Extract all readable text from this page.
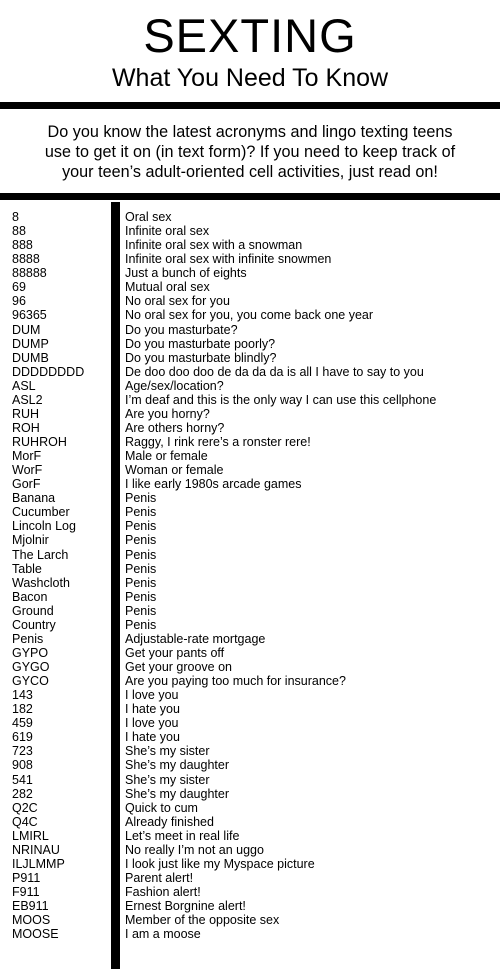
SEXTING
What You Need To Know
Do you know the latest acronyms and lingo texting teens
use to get it on (in text form)? If you need to keep track of
your teen’s adult-oriented cell activities, just read on!
8	Oral sex
88	Infinite oral sex
888	Infinite oral sex with a snowman
8888	Infinite oral sex with infinite snowmen
88888	Just a bunch of eights
69	Mutual oral sex
96	No oral sex for you
96365	No oral sex for you, you come back one year
DUM	Do you masturbate?
DUMP	Do you masturbate poorly?
DUMB	Do you masturbate blindly?
DDDDDDDD	De doo doo doo de da da da is all I have to say to you
ASL	Age/sex/location?
ASL2	I’m deaf and this is the only way I can use this cellphone
RUH	Are you horny?
ROH	Are others horny?
RUHROH	Raggy, I rink rere’s a ronster rere!
MorF	Male or female
WorF	Woman or female
GorF	I like early 1980s arcade games
Banana	Penis
Cucumber	Penis
Lincoln Log	Penis
Mjolnir	Penis
The Larch	Penis
Table	Penis
Washcloth	Penis
Bacon	Penis
Ground	Penis
Country	Penis
Penis	Adjustable-rate mortgage
GYPO	Get your pants off
GYGO	Get your groove on
GYCO	Are you paying too much for insurance?
143	I love you
182	I hate you
459	I love you
619	I hate you
723	She’s my sister
908	She’s my daughter
541	She’s my sister
282	She’s my daughter
Q2C	Quick to cum
Q4C	Already finished
LMIRL	Let’s meet in real life
NRINAU	No really I’m not an uggo
ILJLMMP	I look just like my Myspace picture
P911	Parent alert!
F911	Fashion alert!
EB911	Ernest Borgnine alert!
MOOS	Member of the opposite sex
MOOSE	I am a moose
